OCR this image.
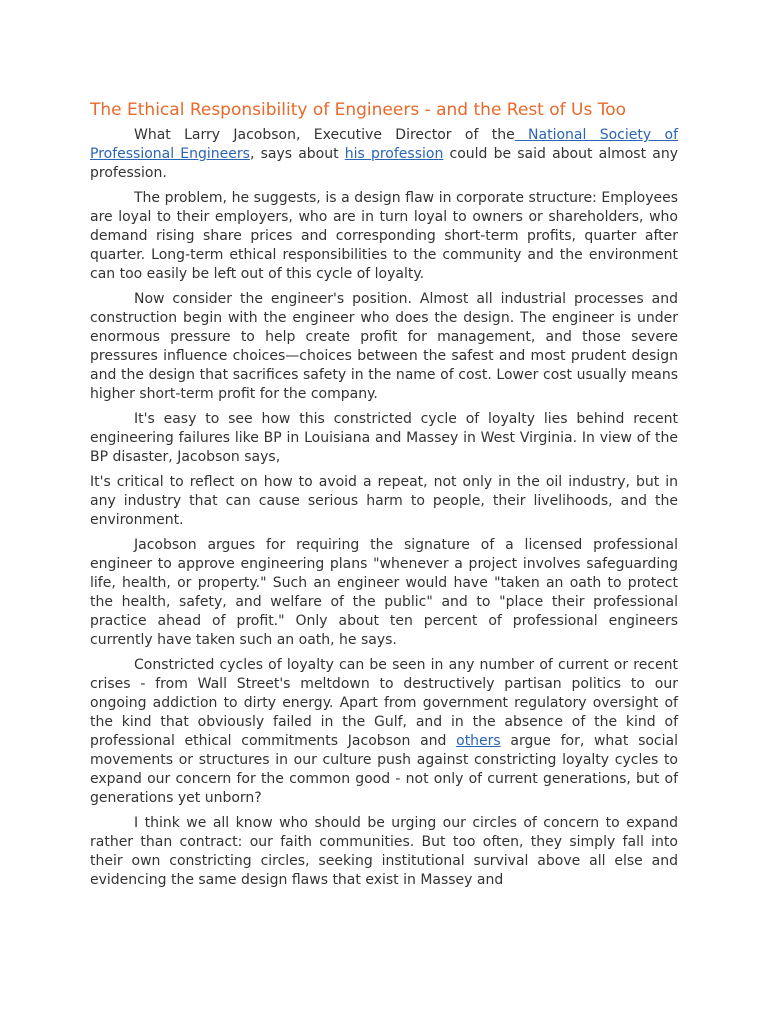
The Ethical Responsibility of Engineers - and the Rest of Us Too

What Larry Jacobson, Executive Director of the National Society of Professional Engineers, says about his profession could be said about almost any profession.

The problem, he suggests, is a design flaw in corporate structure: Employees are loyal to their employers, who are in turn loyal to owners or shareholders, who demand rising share prices and corresponding short-term profits, quarter after quarter. Long-term ethical responsibilities to the community and the environment can too easily be left out of this cycle of loyalty.

Now consider the engineer's position. Almost all industrial processes and construction begin with the engineer who does the design. The engineer is under enormous pressure to help create profit for management, and those severe pressures influence choices—choices between the safest and most prudent design and the design that sacrifices safety in the name of cost. Lower cost usually means higher short-term profit for the company.

It's easy to see how this constricted cycle of loyalty lies behind recent engineering failures like BP in Louisiana and Massey in West Virginia. In view of the BP disaster, Jacobson says,

It's critical to reflect on how to avoid a repeat, not only in the oil industry, but in any industry that can cause serious harm to people, their livelihoods, and the environment.

Jacobson argues for requiring the signature of a licensed professional engineer to approve engineering plans "whenever a project involves safeguarding life, health, or property." Such an engineer would have "taken an oath to protect the health, safety, and welfare of the public" and to "place their professional practice ahead of profit." Only about ten percent of professional engineers currently have taken such an oath, he says.

Constricted cycles of loyalty can be seen in any number of current or recent crises - from Wall Street's meltdown to destructively partisan politics to our ongoing addiction to dirty energy. Apart from government regulatory oversight of the kind that obviously failed in the Gulf, and in the absence of the kind of professional ethical commitments Jacobson and others argue for, what social movements or structures in our culture push against constricting loyalty cycles to expand our concern for the common good - not only of current generations, but of generations yet unborn?

I think we all know who should be urging our circles of concern to expand rather than contract: our faith communities. But too often, they simply fall into their own constricting circles, seeking institutional survival above all else and evidencing the same design flaws that exist in Massey and
